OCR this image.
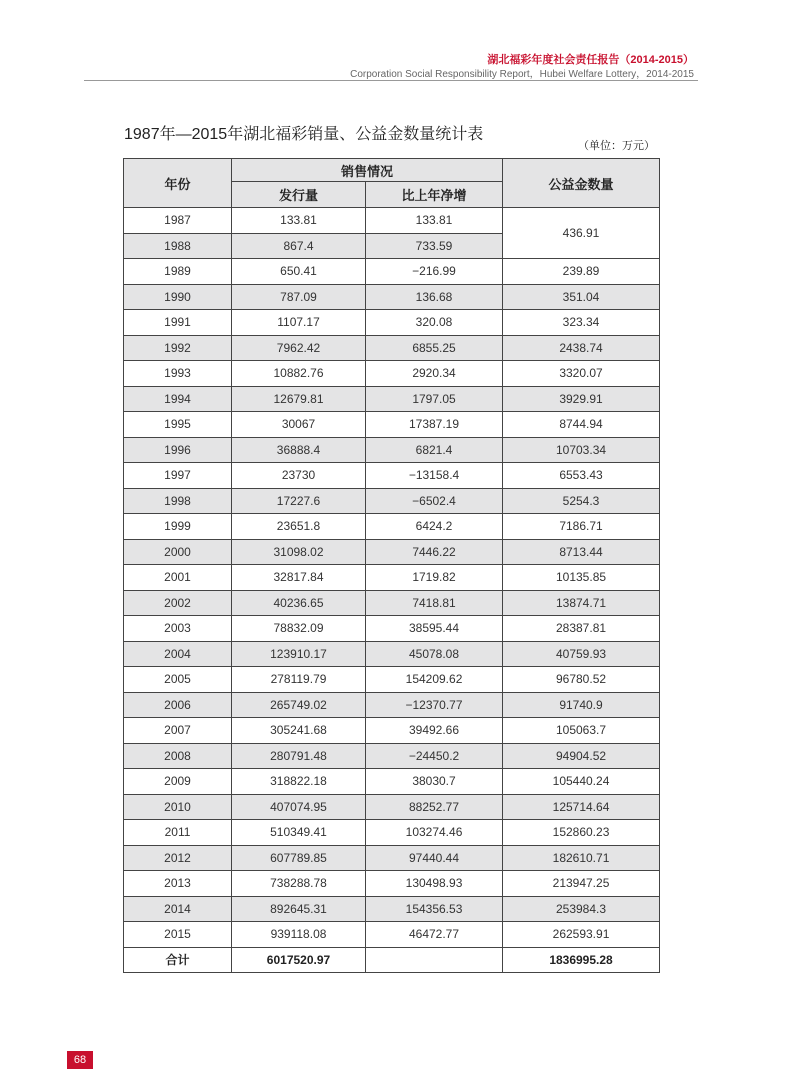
湖北福彩年度社会责任报告（2014-2015）
Corporation Social Responsibility Report，Hubei Welfare Lottery，2014-2015
1987年—2015年湖北福彩销量、公益金数量统计表
（单位：万元）
年份	销售情况		公益金数量
	发行量	比上年净增	
1987	133.81	133.81	436.91
1988	867.4	733.59	
1989	650.41	−216.99	239.89
1990	787.09	136.68	351.04
1991	1107.17	320.08	323.34
1992	7962.42	6855.25	2438.74
1993	10882.76	2920.34	3320.07
1994	12679.81	1797.05	3929.91
1995	30067	17387.19	8744.94
1996	36888.4	6821.4	10703.34
1997	23730	−13158.4	6553.43
1998	17227.6	−6502.4	5254.3
1999	23651.8	6424.2	7186.71
2000	31098.02	7446.22	8713.44
2001	32817.84	1719.82	10135.85
2002	40236.65	7418.81	13874.71
2003	78832.09	38595.44	28387.81
2004	123910.17	45078.08	40759.93
2005	278119.79	154209.62	96780.52
2006	265749.02	−12370.77	91740.9
2007	305241.68	39492.66	105063.7
2008	280791.48	−24450.2	94904.52
2009	318822.18	38030.7	105440.24
2010	407074.95	88252.77	125714.64
2011	510349.41	103274.46	152860.23
2012	607789.85	97440.44	182610.71
2013	738288.78	130498.93	213947.25
2014	892645.31	154356.53	253984.3
2015	939118.08	46472.77	262593.91
合计	6017520.97		1836995.28
68
